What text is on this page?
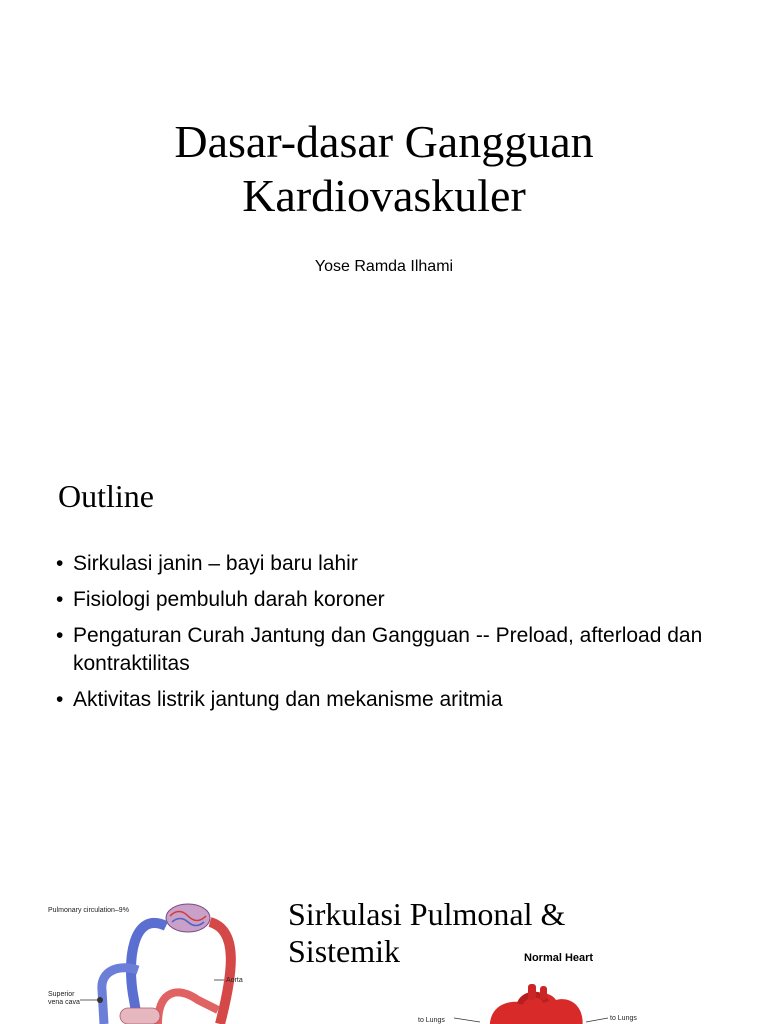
Dasar-dasar Gangguan
Kardiovaskuler
Yose Ramda Ilhami
Outline
• Sirkulasi janin – bayi baru lahir
• Fisiologi pembuluh darah koroner
• Pengaturan Curah Jantung dan Gangguan -- Preload, afterload dan kontraktilitas
• Aktivitas listrik jantung dan mekanisme aritmia
Pulmonary circulation–9%
Aorta
Superior
vena cava
Sirkulasi Pulmonal &
Sistemik	Normal Heart
to Lungs	to Lungs
